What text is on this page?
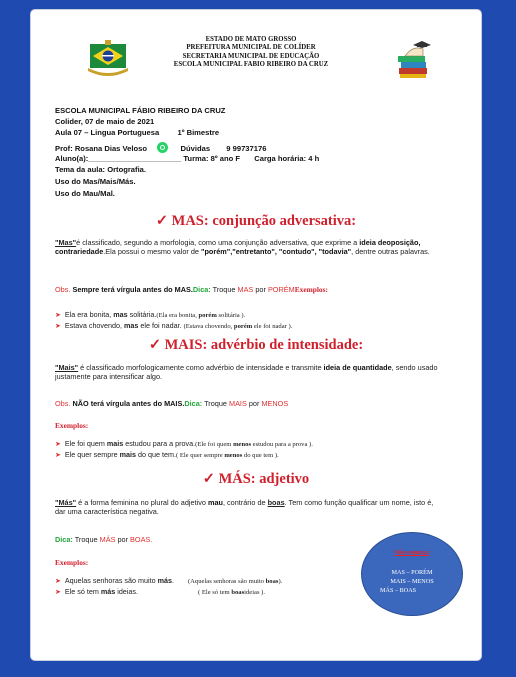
ESTADO DE MATO GROSSO
PREFEITURA MUNICIPAL DE COLÍDER
SECRETARIA MUNICIPAL DE EDUCAÇÃO
ESCOLA MUNICIPAL FABIO RIBEIRO DA CRUZ
ESCOLA MUNICIPAL FÁBIO RIBEIRO DA CRUZ
Colider, 07 de maio de 2021
Aula 07 – Lingua Portuguesa 1º Bimestre
Prof: Rosana Dias Veloso	Dúvidas 9 99737176
Aluno(a):______________________ Turma: 8º ano F Carga horária: 4 h
Tema da aula: Ortografia.
Uso do Mas/Mais/Más.
Uso do Mau/Mal.
✓ MAS: conjunção adversativa:
"Mas"é classificado, segundo a morfologia, como uma conjunção adversativa, que exprime a ideia deoposição, contrariedade.Ela possui o mesmo valor de "porém","entretanto", "contudo", "todavia", dentre outras palavras.
Obs. Sempre terá vírgula antes do MAS.Dica: Troque MAS por PORÉMExemplos:
➤ Ela era bonita, mas solitária.(Ela era bonita, porém solitária ).
➤ Estava chovendo, mas ele foi nadar. (Estava chovendo, porém ele foi nadar ).
✓ MAIS: advérbio de intensidade:
"Mais" é classificado morfologicamente como advérbio de intensidade e transmite ideia de quantidade, sendo usado justamente para intensificar algo.
Obs. NÃO terá vírgula antes do MAIS.Dica: Troque MAIS por MENOS
Exemplos:
➤ Ele foi quem mais estudou para a prova.(Ele foi quem menos estudou para a prova ).
➤ Ele quer sempre mais do que tem.( Ele quer sempre menos do que tem ).
✓ MÁS: adjetivo
"Más" é a forma feminina no plural do adjetivo mau, contrário de boas. Tem como função qualificar um nome, isto é, dar uma característica negativa.
Dica: Troque MÁS por BOAS.
Exemplos:
➤ Aquelas senhoras são muito más. (Aquelas senhoras são muito boas).
➤ Ele só tem más ideias.	( Ele só tem boasideias ).
Não esqueça:
MAS – PORÉM
MAIS – MENOS
MÁS – BOAS
